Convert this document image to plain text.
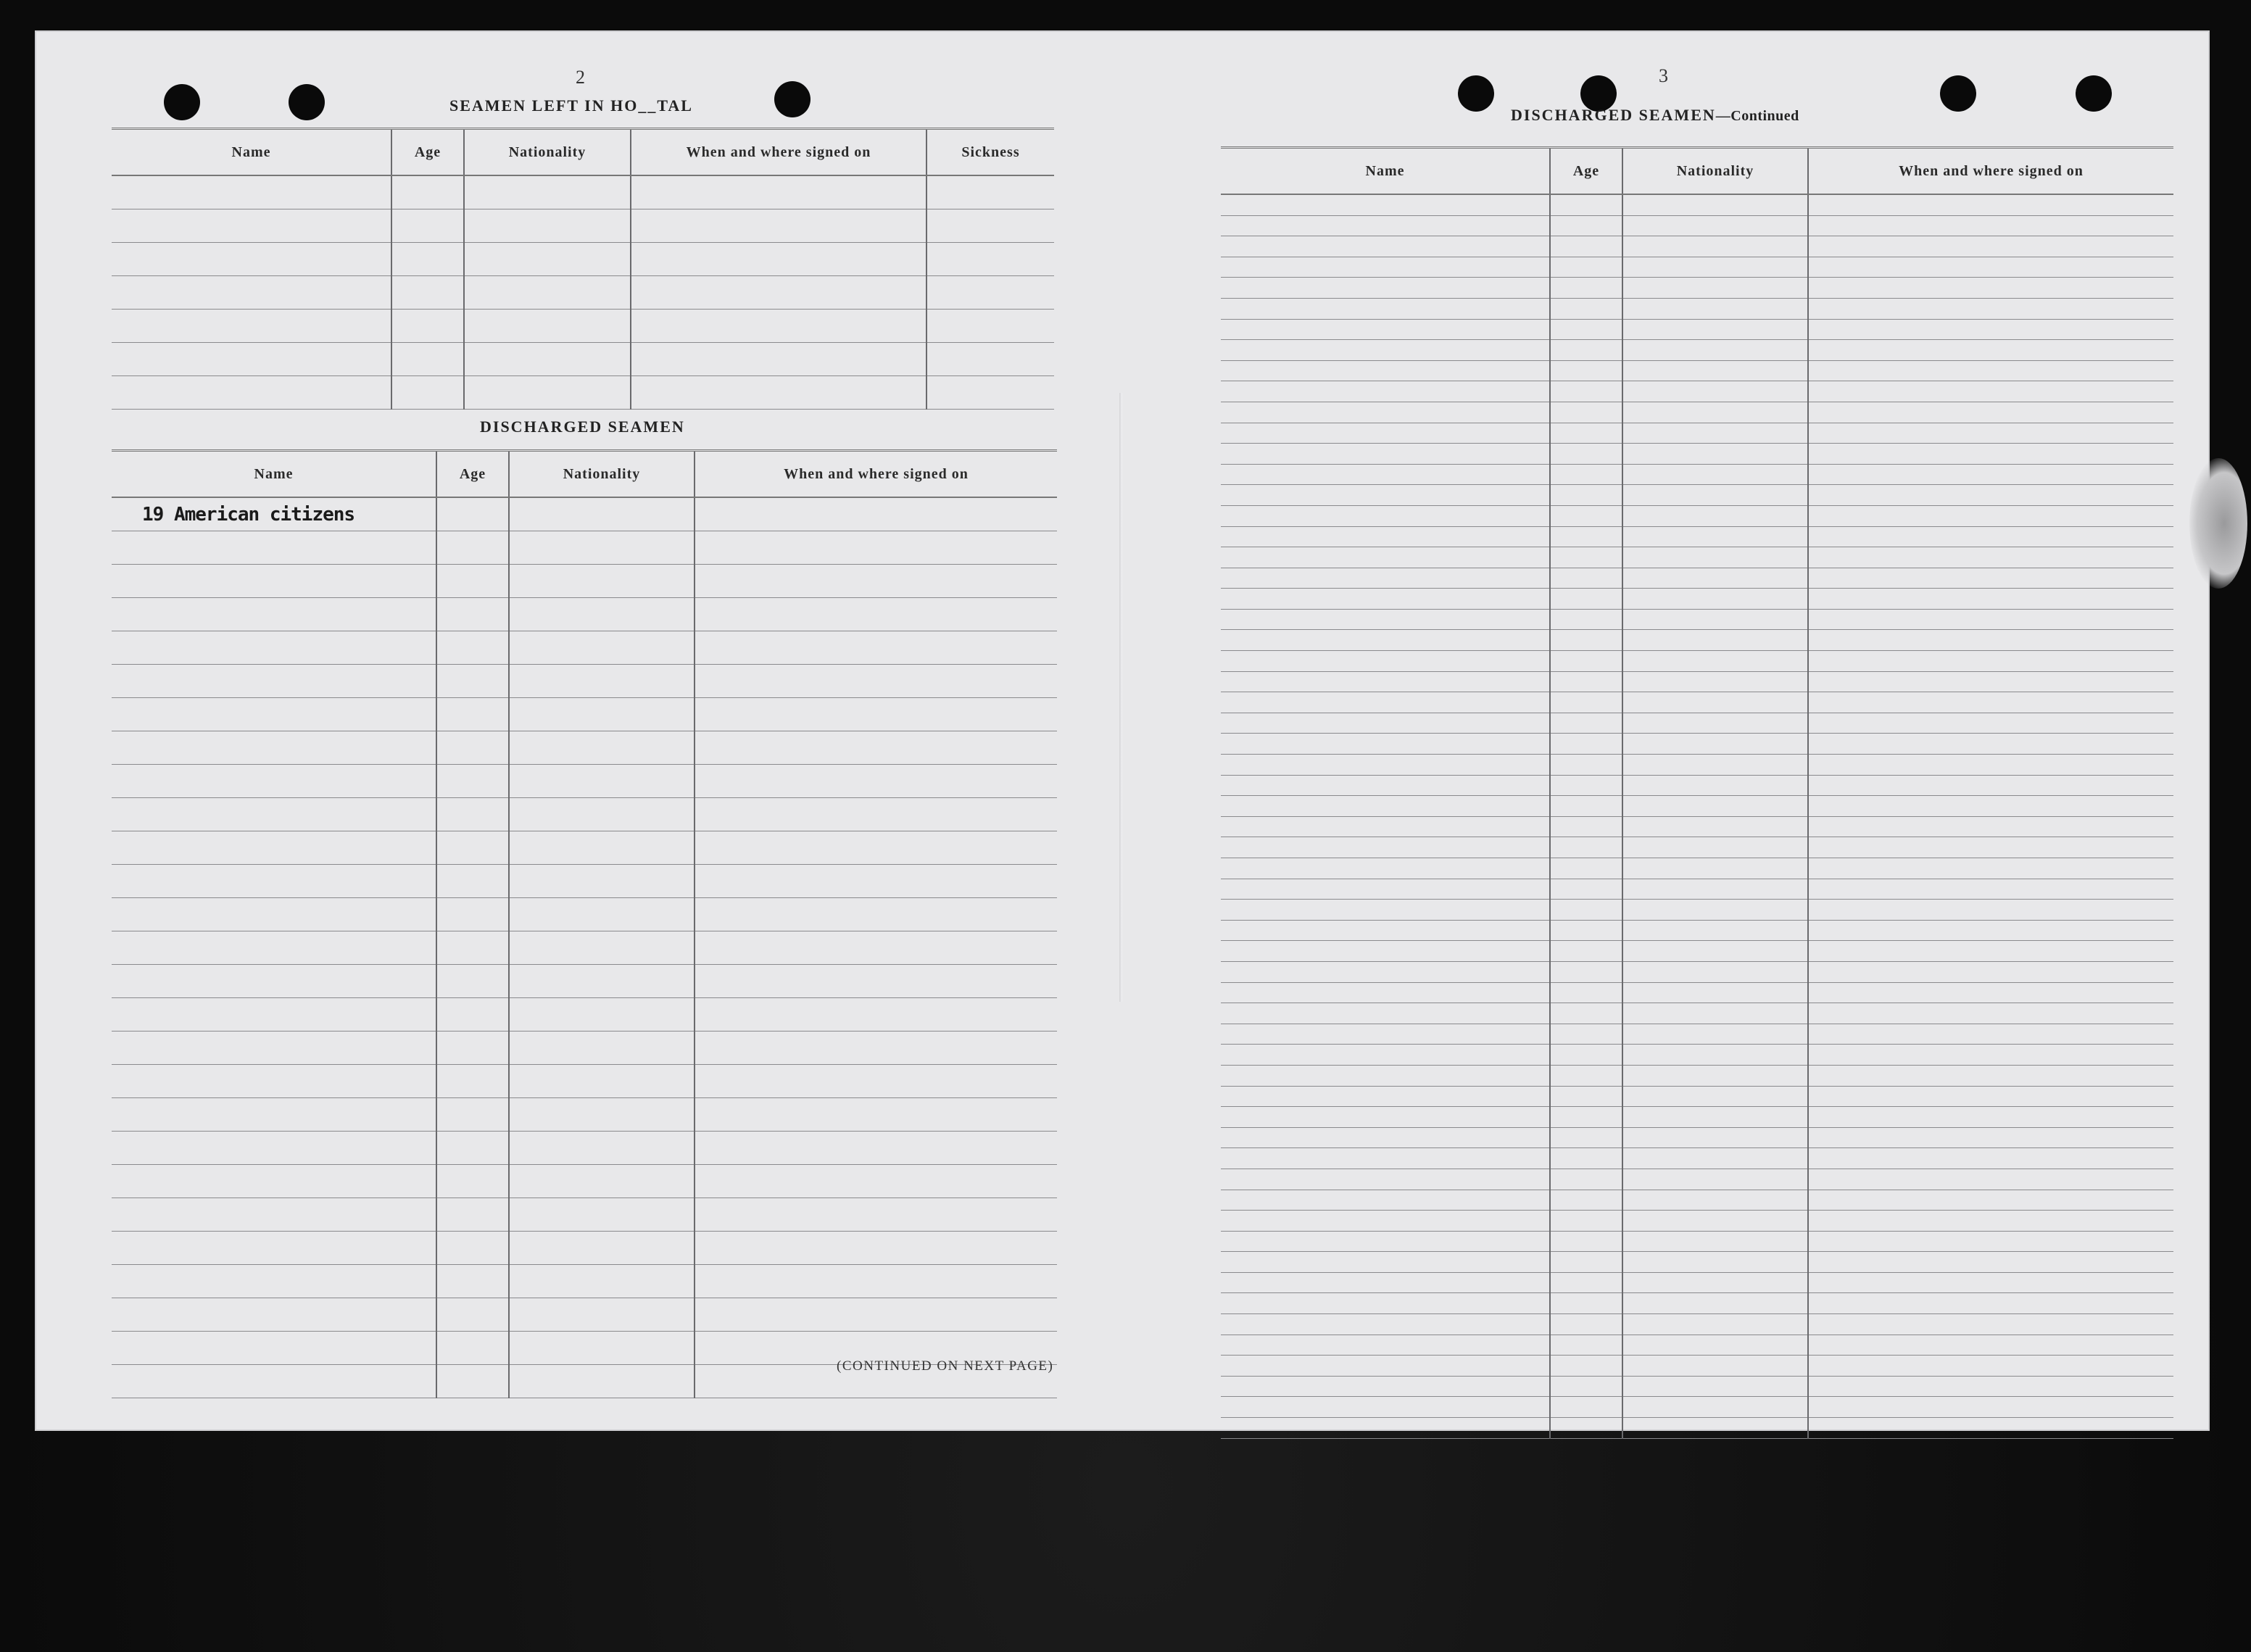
2
SEAMEN LEFT IN HO__TAL
Name	Age	Nationality	When and where signed on	Sickness

DISCHARGED SEAMEN
Name	Age	Nationality	When and where signed on
19 American citizens			

(CONTINUED ON NEXT PAGE)
3
DISCHARGED SEAMEN—Continued
Name	Age	Nationality	When and where signed on
